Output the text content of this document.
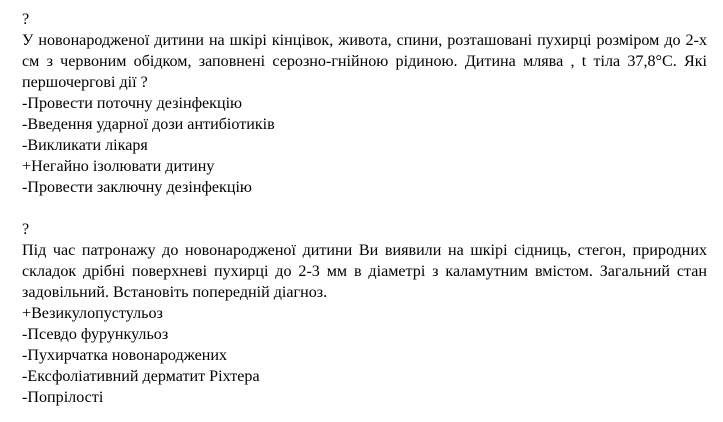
?

У новонародженої дитини на шкірі кінцівок, живота, спини, розташовані пухирці розміром до 2-х см з червоним обідком, заповнені серозно-гнійною рідиною. Дитина млява , t тіла 37,8°С. Які першочергові дії ?

-Провести поточну дезінфекцію
-Введення ударної дози антибіотиків
-Викликати лікаря
+Негайно ізолювати дитину
-Провести заключну дезінфекцію
?

Під час патронажу до новонародженої дитини Ви виявили на шкірі сідниць, стегон, природних складок дрібні поверхневі пухирці до 2-3 мм в діаметрі з каламутним вмістом. Загальний стан задовільний. Встановіть попередній діагноз.

+Везикулопустульоз
-Псевдо фурункульоз
-Пухирчатка новонароджених
-Ексфоліативний дерматит Ріхтера
-Попрілості
